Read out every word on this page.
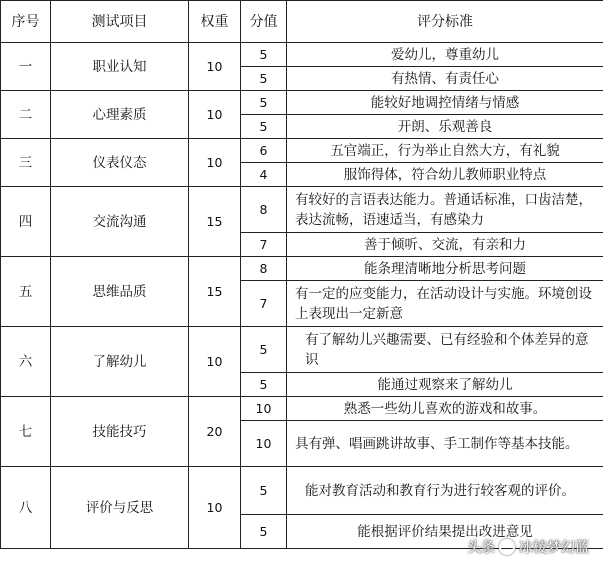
序号	测试项目	权重	分值	评分标准
一	职业认知	10	5	爱幼儿，尊重幼儿
			5	有热情、有责任心
二	心理素质	10	5	能较好地调控情绪与情感
			5	开朗、乐观善良
三	仪表仪态	10	6	五官端正，行为举止自然大方，有礼貌
			4	服饰得体，符合幼儿教师职业特点
四	交流沟通	15	8	有较好的言语表达能力。普通话标准，口齿洁楚，表达流畅，语速适当，有感染力
			7	善于倾听、交流，有亲和力
五	思维品质	15	8	能条理清晰地分析思考问题
			7	有一定的应变能力，在活动设计与实施。环境创设上表现出一定新意
六	了解幼儿	10	5	有了解幼儿兴趣需要、已有经验和个体差异的意识
			5	能通过观察来了解幼儿
七	技能技巧	20	10	熟悉一些幼儿喜欢的游戏和故事。
			10	具有弹、唱画跳讲故事、手工制作等基本技能。
八	评价与反思	10	5	能对教育活动和教育行为进行较客观的评价。
			5	能根据评价结果提出改进意见
头条 冰棱梦幻蓝
